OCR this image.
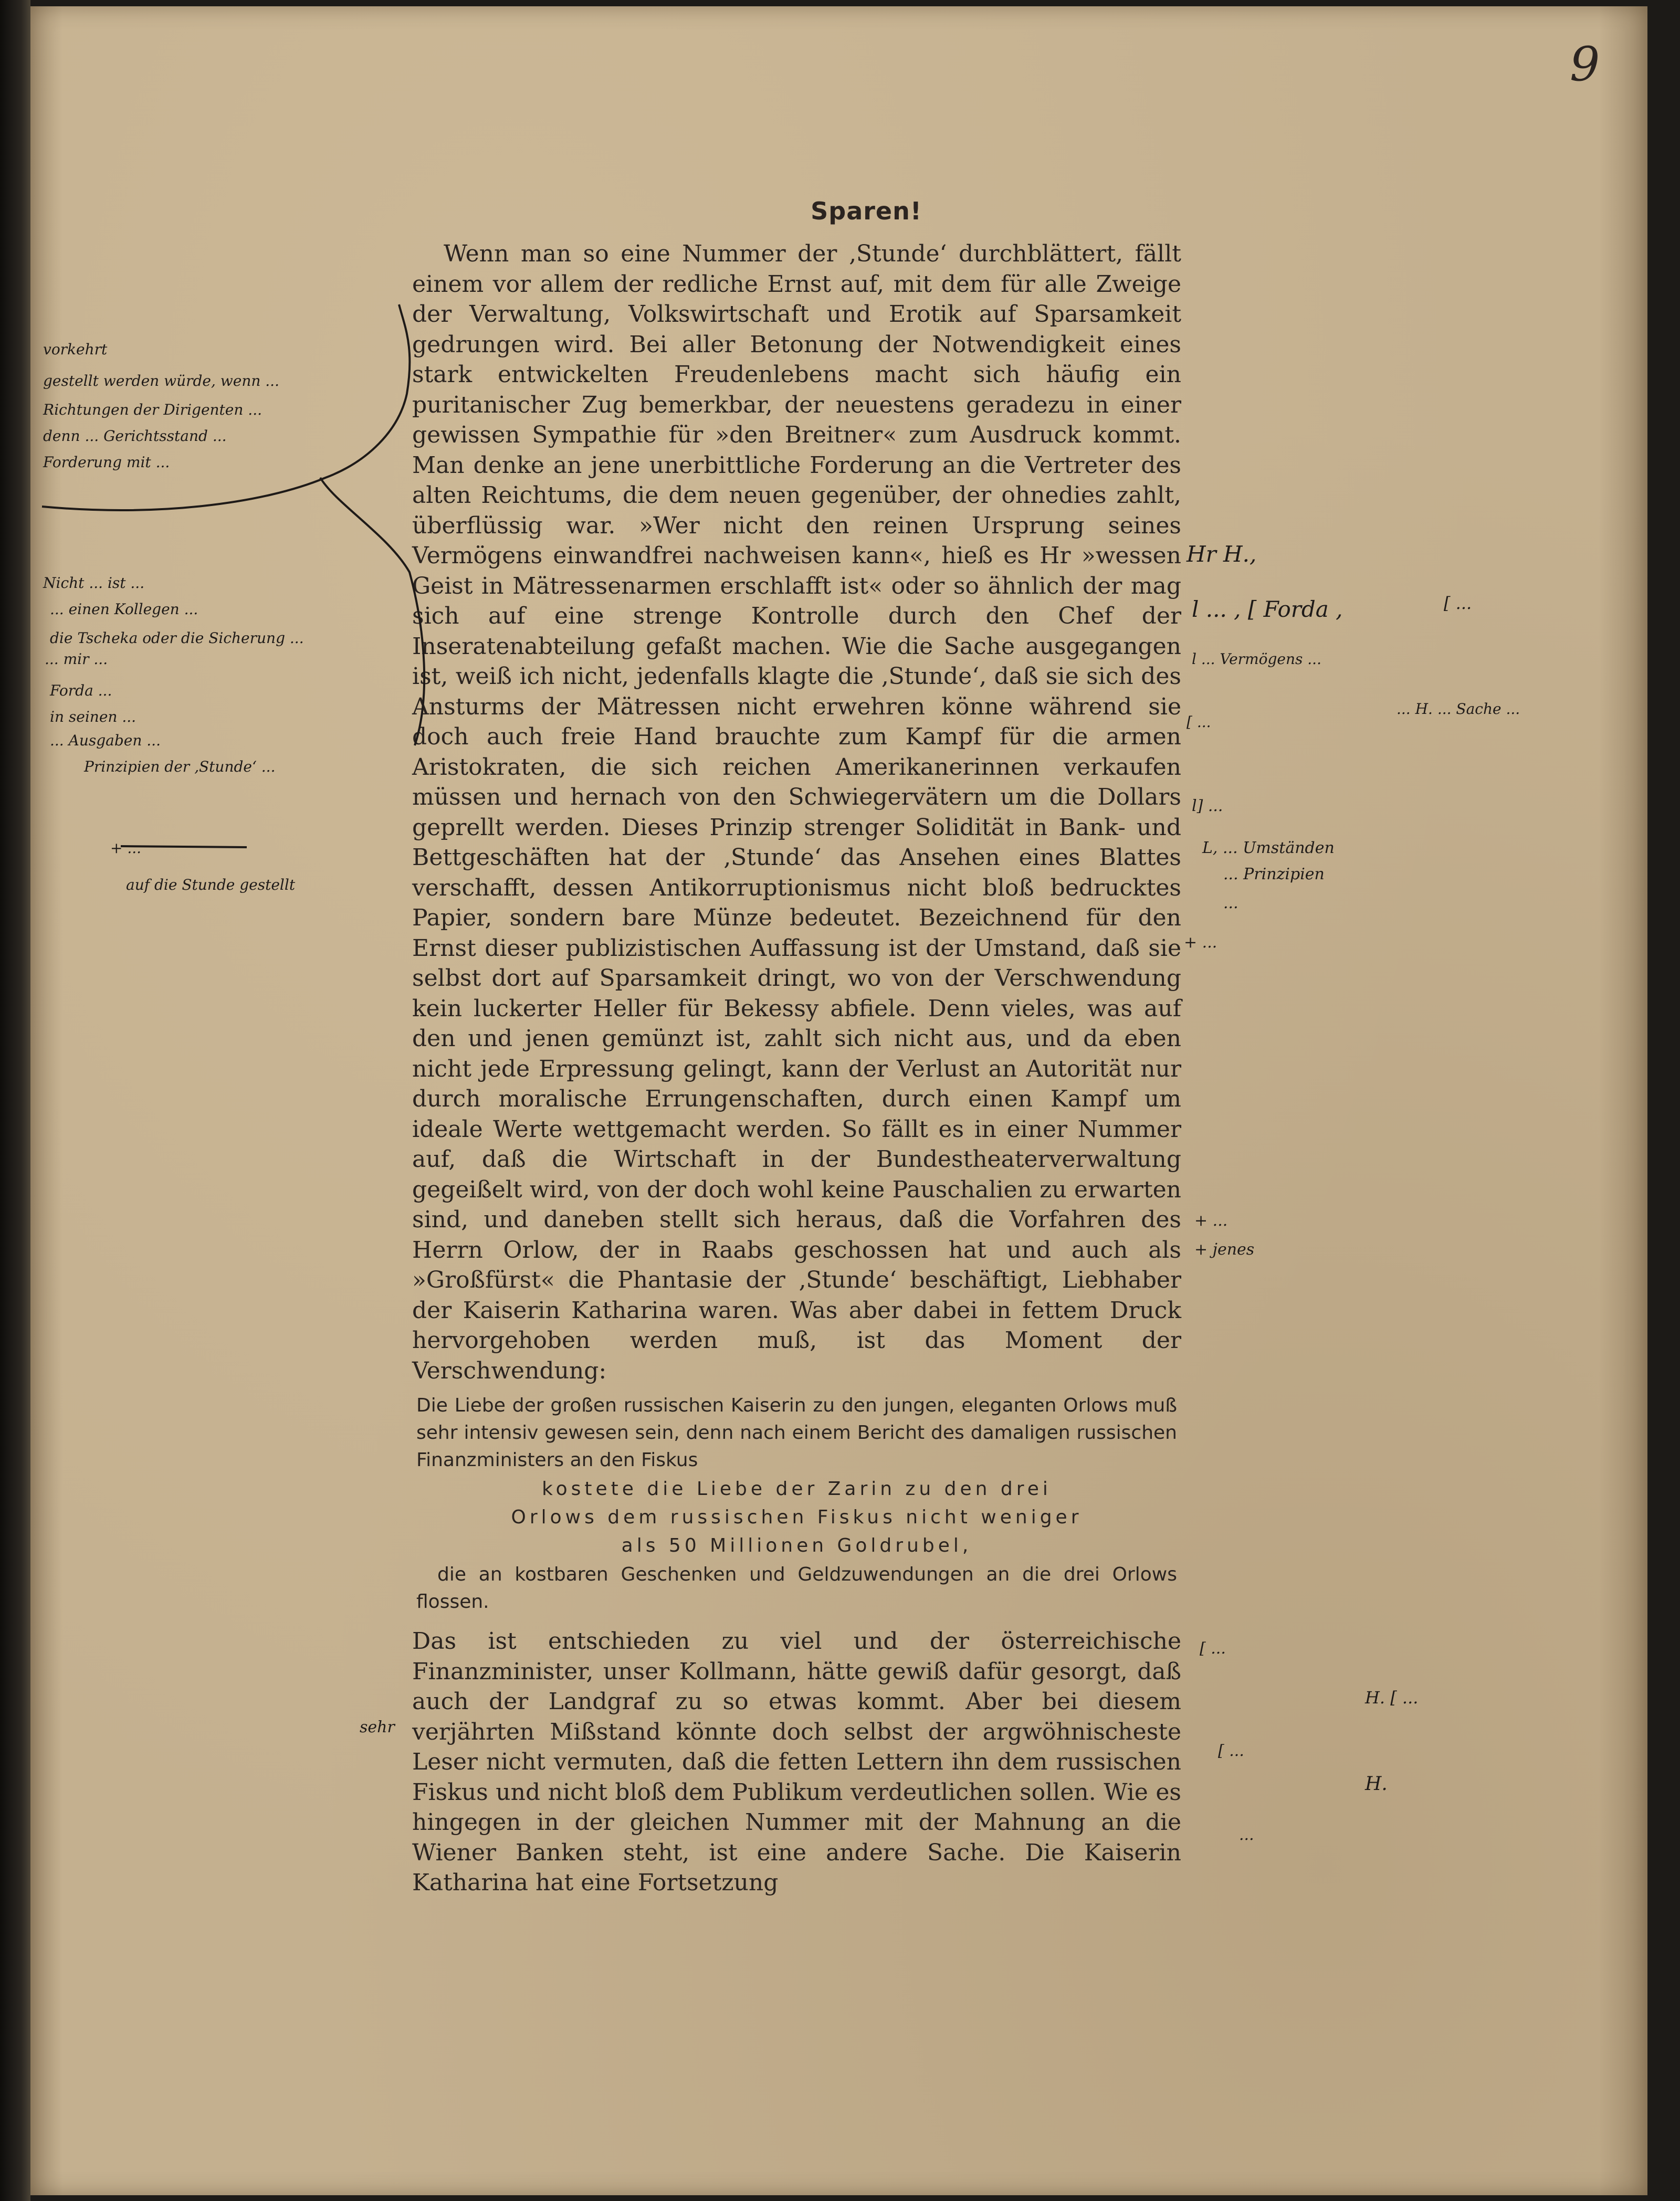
9
Sparen!

Wenn man so eine Nummer der ‚Stunde‘ durchblättert, fällt einem vor allem der redliche Ernst auf, mit dem für alle Zweige der Verwaltung, Volkswirtschaft und Erotik auf Sparsamkeit gedrungen wird. Bei aller Betonung der Notwendigkeit eines stark entwickelten Freudenlebens macht sich häufig ein puritanischer Zug bemerkbar, der neuestens geradezu in einer gewissen Sympathie für »den Breitner« zum Ausdruck kommt. Man denke an jene unerbittliche Forderung an die Vertreter des alten Reichtums, die dem neuen gegenüber, der ohnedies zahlt, überflüssig war. »Wer nicht den reinen Ursprung seines Vermögens einwandfrei nachweisen kann«, hieß es Hr »wessen Geist in Mätressenarmen erschlafft ist« oder so ähnlich der mag sich auf eine strenge Kontrolle durch den Chef der Inseratenabteilung gefaßt machen. Wie die Sache ausgegangen ist, weiß ich nicht, jedenfalls klagte die ‚Stunde‘, daß sie sich des Ansturms der Mätressen nicht erwehren könne während sie doch auch freie Hand brauchte zum Kampf für die armen Aristokraten, die sich reichen Amerikanerinnen verkaufen müssen und hernach von den Schwiegervätern um die Dollars geprellt werden. Dieses Prinzip strenger Solidität in Bank- und Bettgeschäften hat der ‚Stunde‘ das Ansehen eines Blattes verschafft, dessen Antikorruptionismus nicht bloß bedrucktes Papier, sondern bare Münze bedeutet. Bezeichnend für den Ernst dieser publizistischen Auffassung ist der Umstand, daß sie selbst dort auf Sparsamkeit dringt, wo von der Verschwendung kein luckerter Heller für Bekessy abfiele. Denn vieles, was auf den und jenen gemünzt ist, zahlt sich nicht aus, und da eben nicht jede Erpressung gelingt, kann der Verlust an Autorität nur durch moralische Errungenschaften, durch einen Kampf um ideale Werte wettgemacht werden. So fällt es in einer Nummer auf, daß die Wirtschaft in der Bundestheaterverwaltung gegeißelt wird, von der doch wohl keine Pauschalien zu erwarten sind, und daneben stellt sich heraus, daß die Vorfahren des Herrn Orlow, der in Raabs geschossen hat und auch als »Großfürst« die Phantasie der ‚Stunde‘ beschäftigt, Liebhaber der Kaiserin Katharina waren. Was aber dabei in fettem Druck hervorgehoben werden muß, ist das Moment der Verschwendung:

Die Liebe der großen russischen Kaiserin zu den jungen, eleganten Orlows muß sehr intensiv gewesen sein, denn nach einem Bericht des damaligen russischen Finanzministers an den Fiskus

kostete die Liebe der Zarin zu den drei

Orlows dem russischen Fiskus nicht weniger

als 50 Millionen Goldrubel,

die an kostbaren Geschenken und Geldzuwendungen an die drei Orlows flossen.

Das ist entschieden zu viel und der österreichische Finanzminister, unser Kollmann, hätte gewiß dafür gesorgt, daß auch der Landgraf zu so etwas kommt. Aber bei diesem verjährten Mißstand könnte doch selbst der argwöhnischeste Leser nicht vermuten, daß die fetten Lettern ihn dem russischen Fiskus und nicht bloß dem Publikum verdeutlichen sollen. Wie es hingegen in der gleichen Nummer mit der Mahnung an die Wiener Banken steht, ist eine andere Sache. Die Kaiserin Katharina hat eine Fortsetzung

vorkehrt
gestellt werden würde, wenn ...
Richtungen der Dirigenten ...
denn ... Gerichtsstand ...
Forderung mit ...
Nicht ... ist ...
... einen Kollegen ...
die Tscheka oder die Sicherung ...
... mir ...
Forda ...
in seinen ...
... Ausgaben ...
Prinzipien der ‚Stunde‘ ...
+ ...
auf die Stunde gestellt
sehr
Hr H.,
l ... , [ Forda ,	[ ...
l ... Vermögens ...
... H. ... Sache ...
[ ...
l] ...
L, ... Umständen
... Prinzipien
...
+ ...
+ ...
+ jenes
[ ...
H. [ ...
[ ...
H.
...
